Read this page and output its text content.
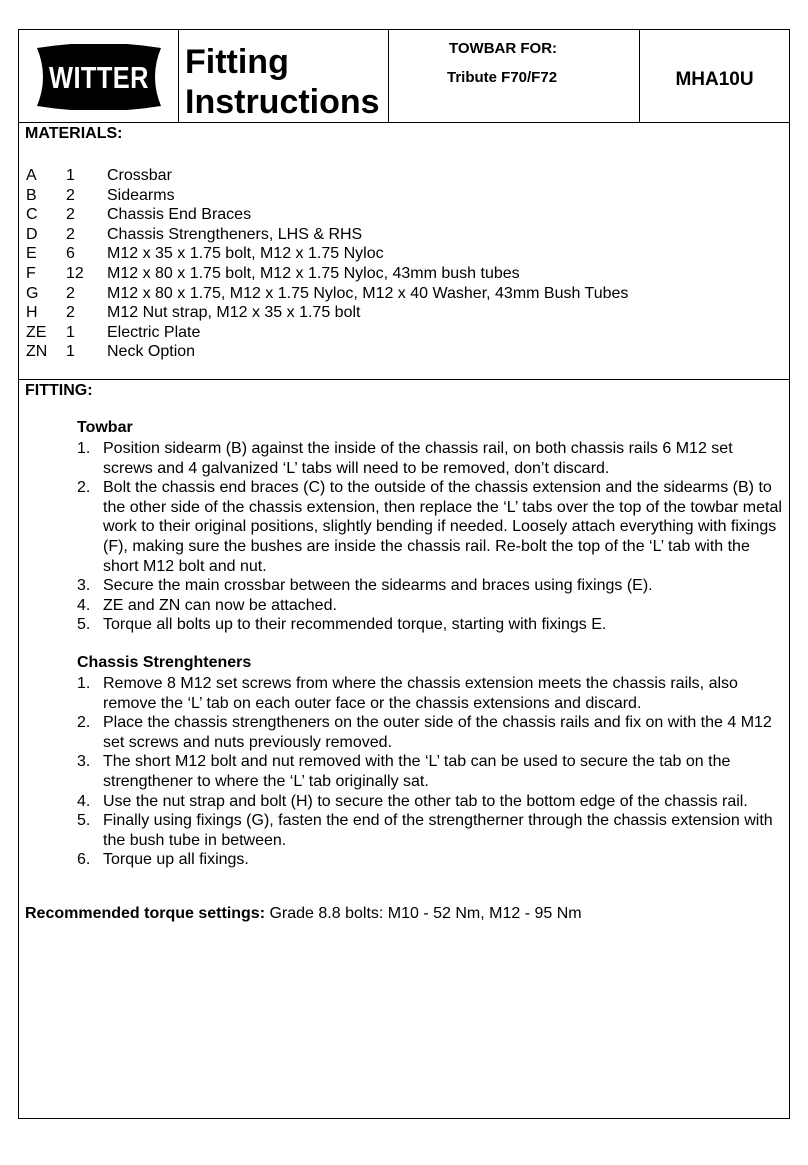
WITTER Fitting
Instructions
TOWBAR FOR:
Tribute F70/F72	MHA10U
MATERIALS:
A 1 Crossbar
B 2 Sidearms
C 2 Chassis End Braces
D 2 Chassis Strengtheners, LHS & RHS
E 6 M12 x 35 x 1.75 bolt, M12 x 1.75 Nyloc
F 12 M12 x 80 x 1.75 bolt, M12 x 1.75 Nyloc, 43mm bush tubes
G 2 M12 x 80 x 1.75, M12 x 1.75 Nyloc, M12 x 40 Washer, 43mm Bush Tubes
H 2 M12 Nut strap, M12 x 35 x 1.75 bolt
ZE 1 Electric Plate
ZN 1 Neck Option
FITTING:
Towbar
1. Position sidearm (B) against the inside of the chassis rail, on both chassis rails 6 M12 set screws and 4 galvanized ‘L’ tabs will need to be removed, don’t discard.
2. Bolt the chassis end braces (C) to the outside of the chassis extension and the sidearms (B) to the other side of the chassis extension, then replace the ‘L’ tabs over the top of the towbar metal work to their original positions, slightly bending if needed. Loosely attach everything with fixings (F), making sure the bushes are inside the chassis rail. Re-bolt the top of the ‘L’ tab with the short M12 bolt and nut.
3. Secure the main crossbar between the sidearms and braces using fixings (E).
4. ZE and ZN can now be attached.
5. Torque all bolts up to their recommended torque, starting with fixings E.
Chassis Strenghteners
1. Remove 8 M12 set screws from where the chassis extension meets the chassis rails, also remove the ‘L’ tab on each outer face or the chassis extensions and discard.
2. Place the chassis strengtheners on the outer side of the chassis rails and fix on with the 4 M12 set screws and nuts previously removed.
3. The short M12 bolt and nut removed with the ‘L’ tab can be used to secure the tab on the strengthener to where the ‘L’ tab originally sat.
4. Use the nut strap and bolt (H) to secure the other tab to the bottom edge of the chassis rail.
5. Finally using fixings (G), fasten the end of the strengtherner through the chassis extension with the bush tube in between.
6. Torque up all fixings.
Recommended torque settings: Grade 8.8 bolts: M10 - 52 Nm, M12 - 95 Nm
